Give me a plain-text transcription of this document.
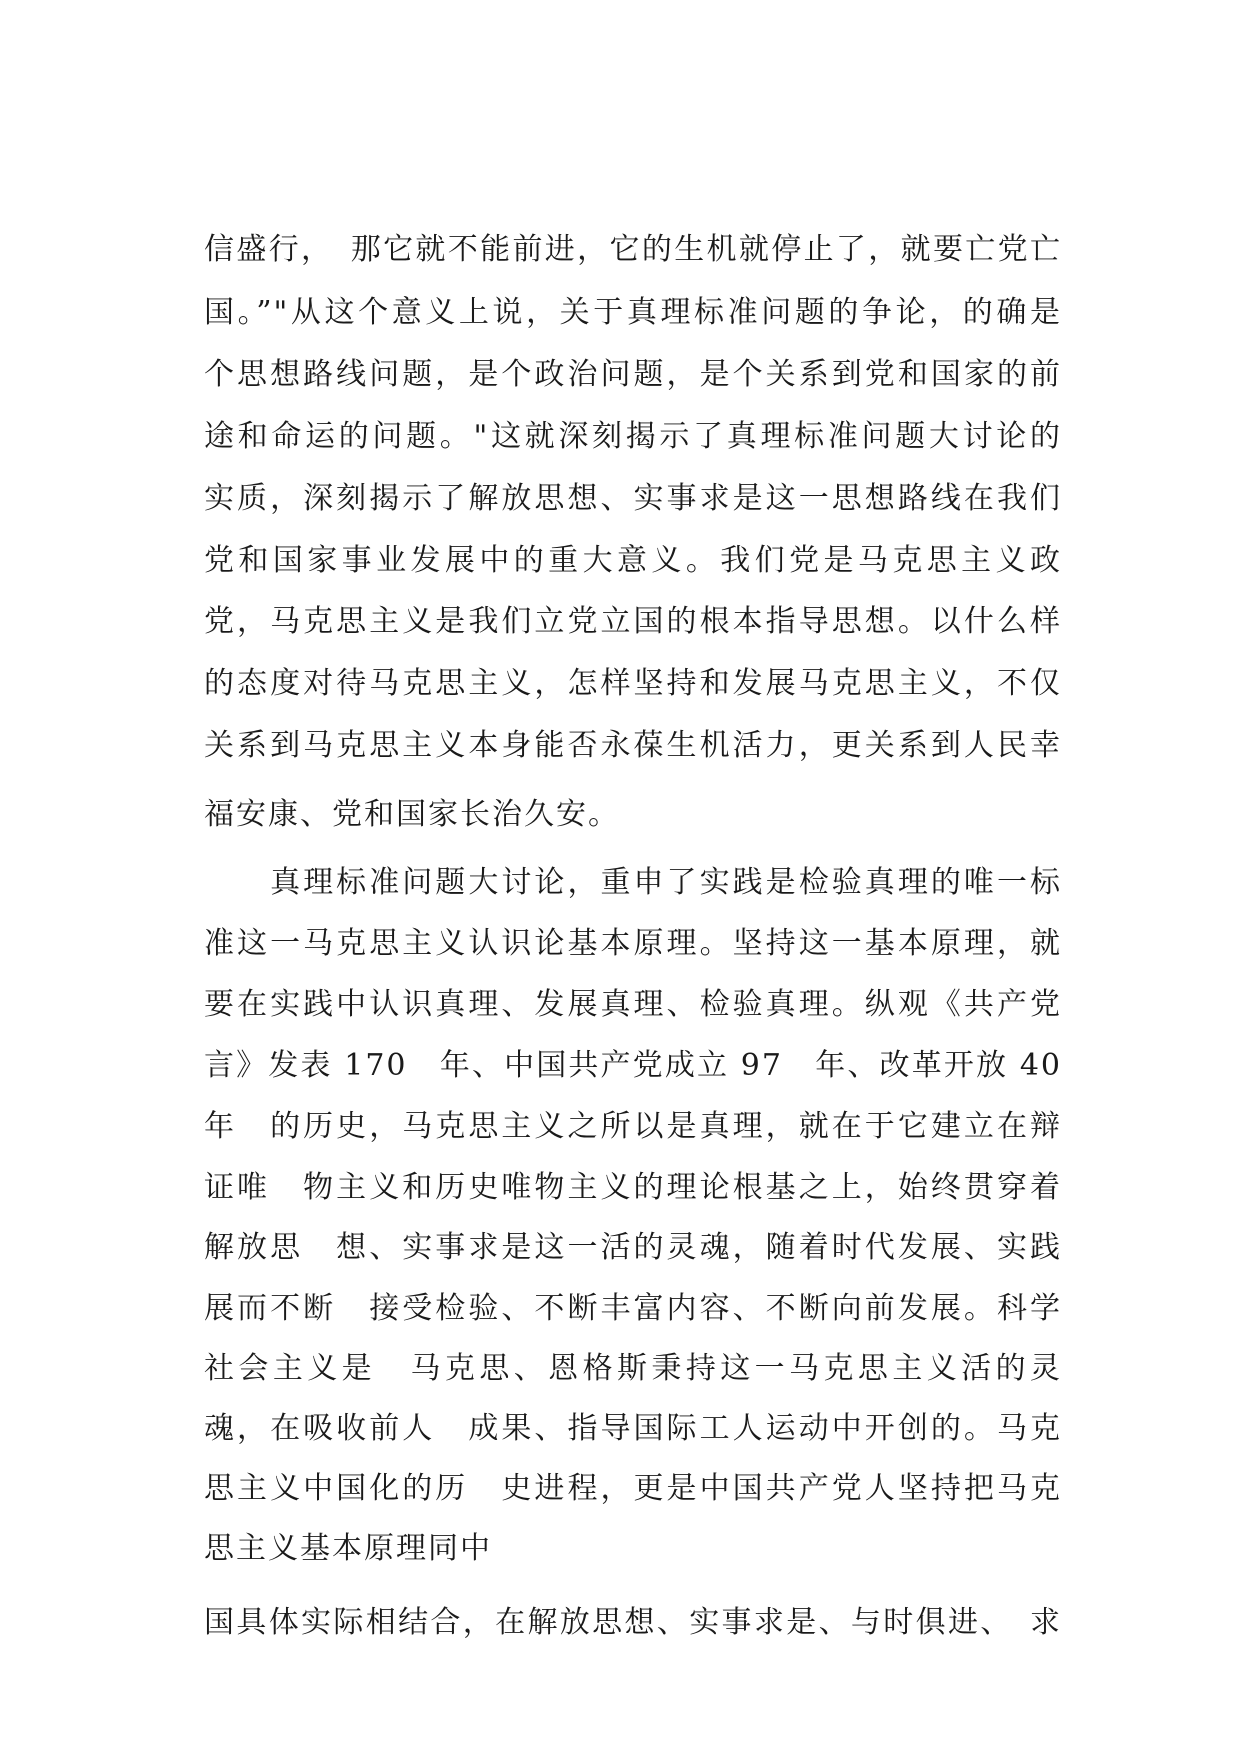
信盛行，　那它就不能前进，它的生机就停止了，就要亡党亡
国。”"从这个意义上说，关于真理标准问题的争论，的确是
个思想路线问题，是个政治问题，是个关系到党和国家的前
途和命运的问题。"这就深刻揭示了真理标准问题大讨论的
实质，深刻揭示了解放思想、实事求是这一思想路线在我们
党和国家事业发展中的重大意义。我们党是马克思主义政
党，马克思主义是我们立党立国的根本指导思想。以什么样
的态度对待马克思主义，怎样坚持和发展马克思主义，不仅
关系到马克思主义本身能否永葆生机活力，更关系到人民幸
福安康、党和国家长治久安。
　　真理标准问题大讨论，重申了实践是检验真理的唯一标
准这一马克思主义认识论基本原理。坚持这一基本原理，就
要在实践中认识真理、发展真理、检验真理。纵观《共产党
言》发表 170　年、中国共产党成立 97　年、改革开放 40
年　的历史，马克思主义之所以是真理，就在于它建立在辩
证唯　物主义和历史唯物主义的理论根基之上，始终贯穿着
解放思　想、实事求是这一活的灵魂，随着时代发展、实践
展而不断　接受检验、不断丰富内容、不断向前发展。科学
社会主义是　马克思、恩格斯秉持这一马克思主义活的灵
魂，在吸收前人　成果、指导国际工人运动中开创的。马克
思主义中国化的历　史进程，更是中国共产党人坚持把马克
思主义基本原理同中
国具体实际相结合，在解放思想、实事求是、与时俱进、　求
